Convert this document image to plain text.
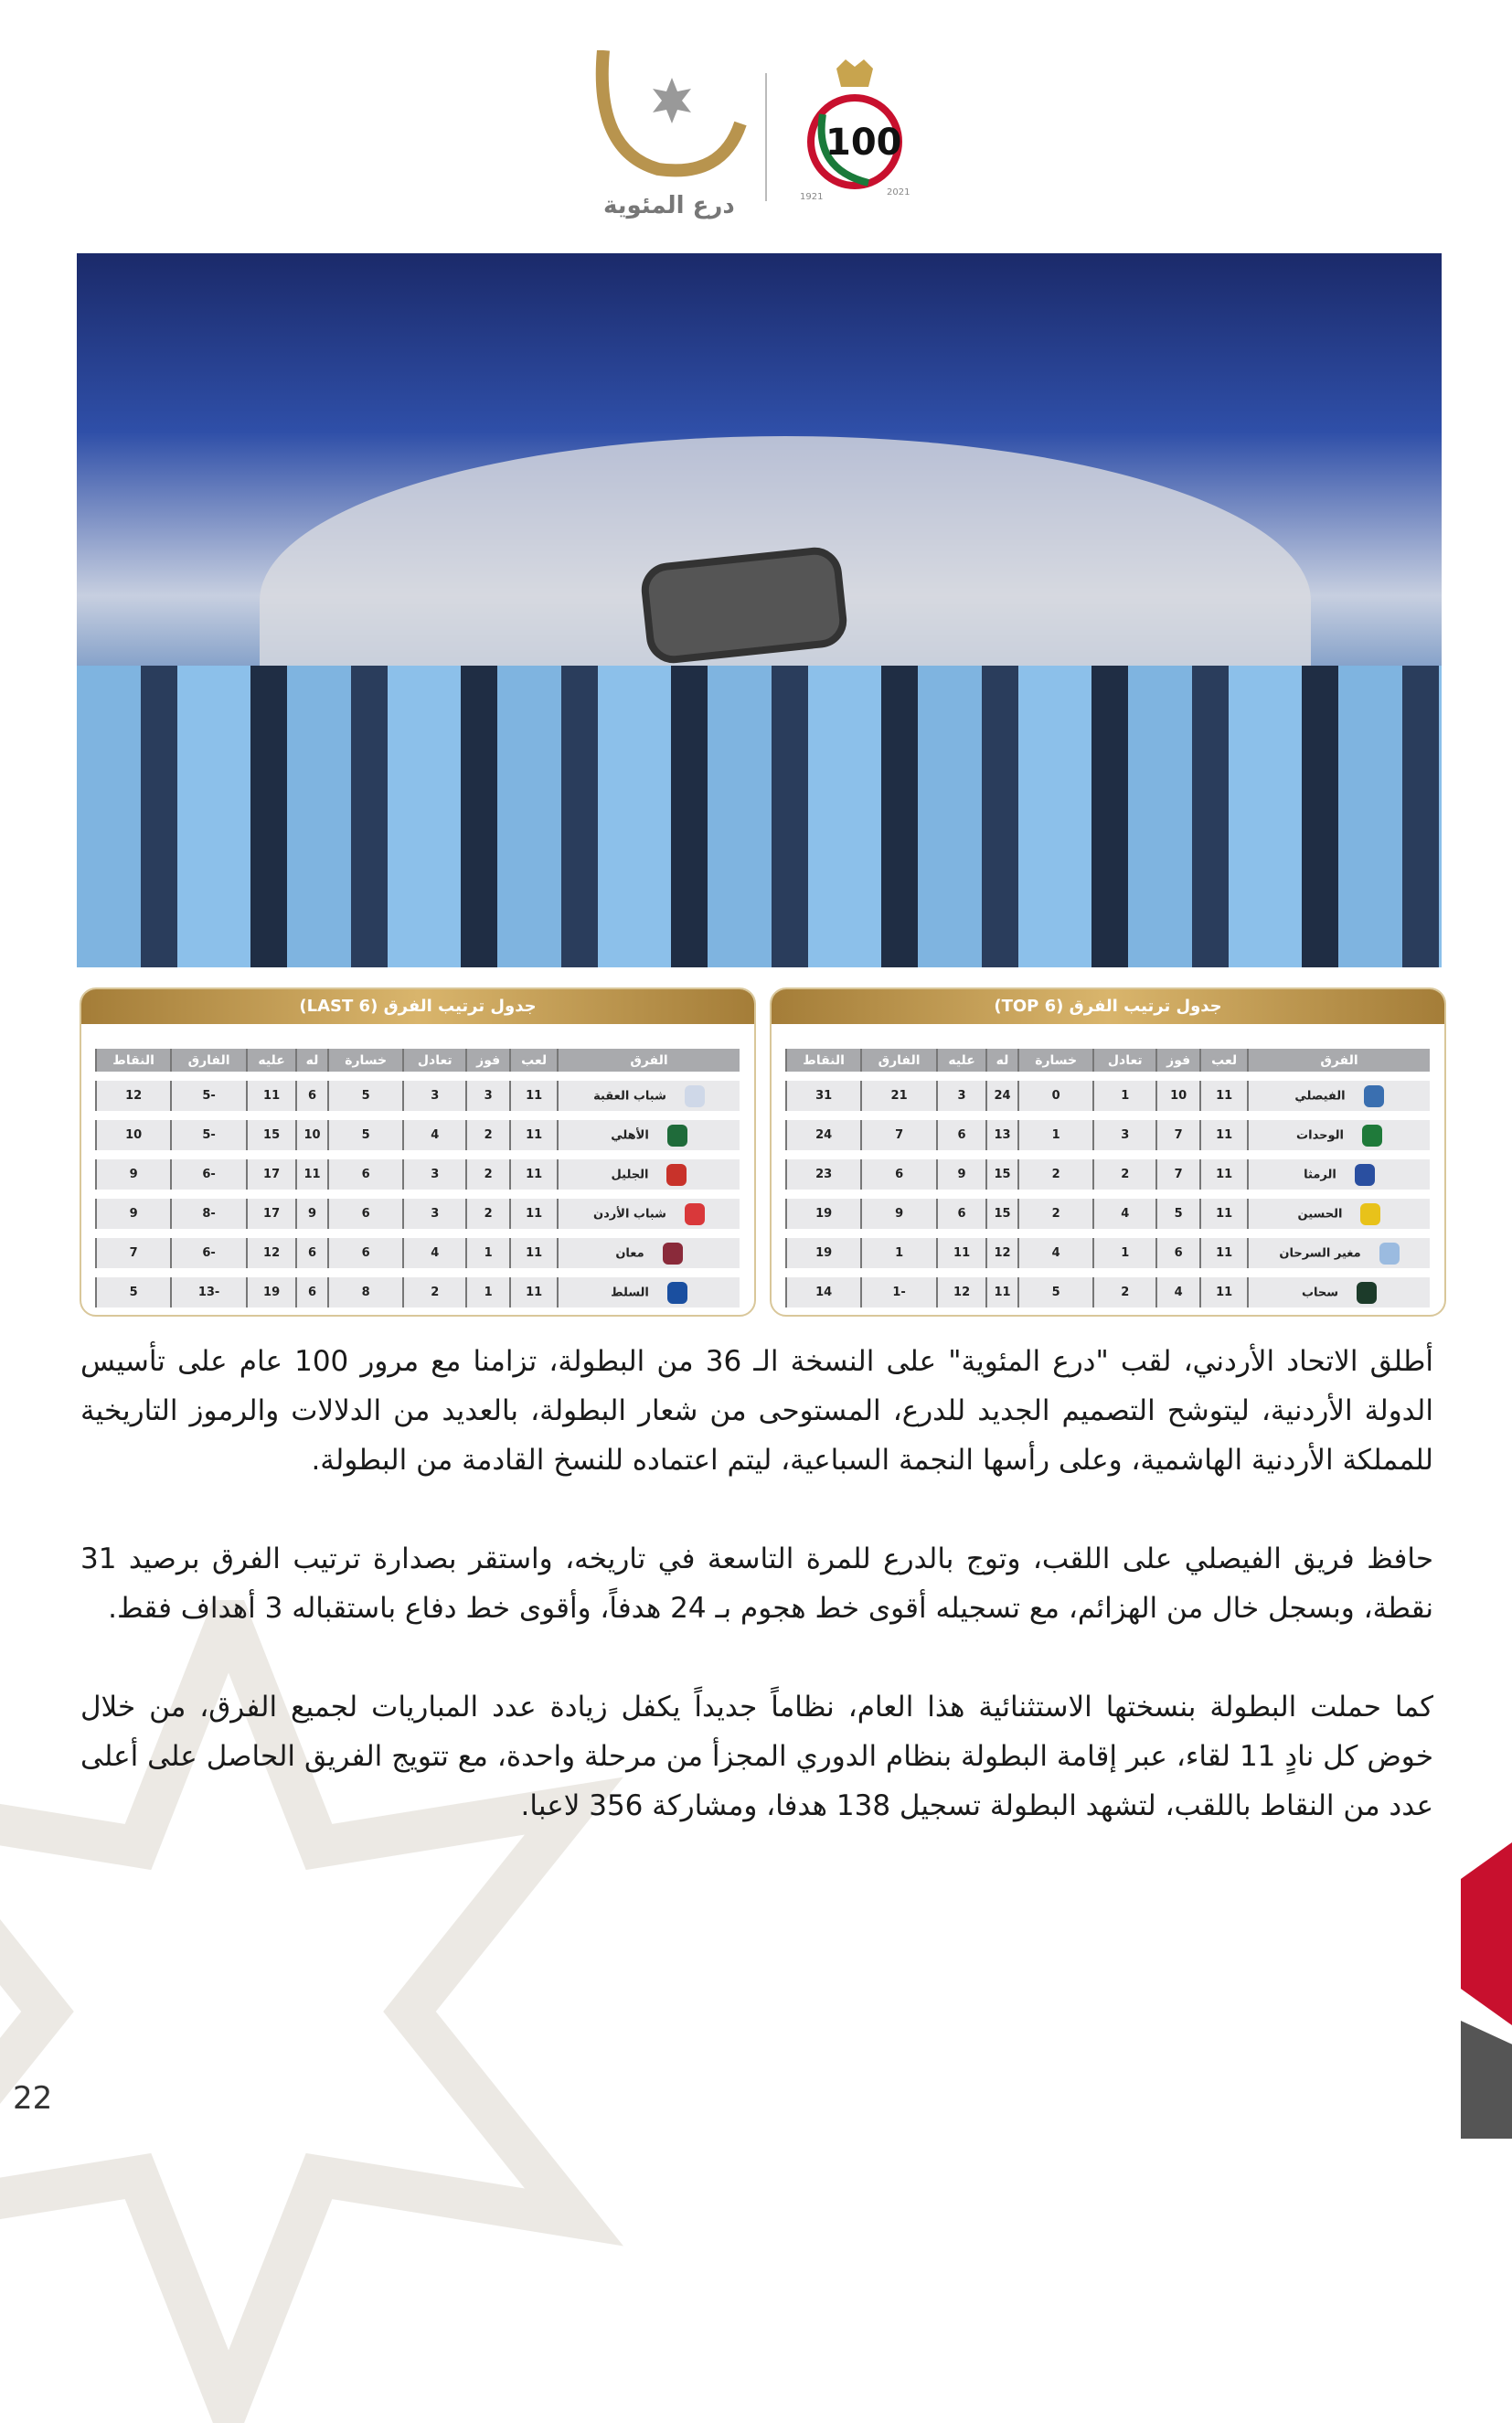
100
1921	2021
درع المئوية
جدول ترتيب الفرق (TOP 6)
الفرق	لعب	فوز	تعادل	خسارة	له	عليه	الفارق	النقاط
الفيصلي	11	10	1	0	24	3	21	31
الوحدات	11	7	3	1	13	6	7	24
الرمثا	11	7	2	2	15	9	6	23
الحسين	11	5	4	2	15	6	9	19
مغير السرحان	11	6	1	4	12	11	1	19
سحاب	11	4	2	5	11	12	-1	14
جدول ترتيب الفرق (LAST 6)
الفرق	لعب	فوز	تعادل	خسارة	له	عليه	الفارق	النقاط
شباب العقبة	11	3	3	5	6	11	-5	12
الأهلي	11	2	4	5	10	15	-5	10
الجليل	11	2	3	6	11	17	-6	9
شباب الأردن	11	2	3	6	9	17	-8	9
معان	11	1	4	6	6	12	-6	7
السلط	11	1	2	8	6	19	-13	5

أطلق الاتحاد الأردني، لقب "درع المئوية" على النسخة الـ 36 من البطولة، تزامنا مع مرور 100 عام على تأسيس الدولة الأردنية، ليتوشح التصميم الجديد للدرع، المستوحى من شعار البطولة، بالعديد من الدلالات والرموز التاريخية للمملكة الأردنية الهاشمية، وعلى رأسها النجمة السباعية، ليتم اعتماده للنسخ القادمة من البطولة.

حافظ فريق الفيصلي على اللقب، وتوج بالدرع للمرة التاسعة في تاريخه، واستقر بصدارة ترتيب الفرق برصيد 31 نقطة، وبسجل خال من الهزائم، مع تسجيله أقوى خط هجوم بـ 24 هدفاً، وأقوى خط دفاع باستقباله 3 أهداف فقط.

كما حملت البطولة بنسختها الاستثنائية هذا العام، نظاماً جديداً يكفل زيادة عدد المباريات لجميع الفرق، من خلال خوض كل نادٍ 11 لقاء، عبر إقامة البطولة بنظام الدوري المجزأ من مرحلة واحدة، مع تتويج الفريق الحاصل على أعلى عدد من النقاط باللقب، لتشهد البطولة تسجيل 138 هدفا، ومشاركة 356 لاعبا.

22
